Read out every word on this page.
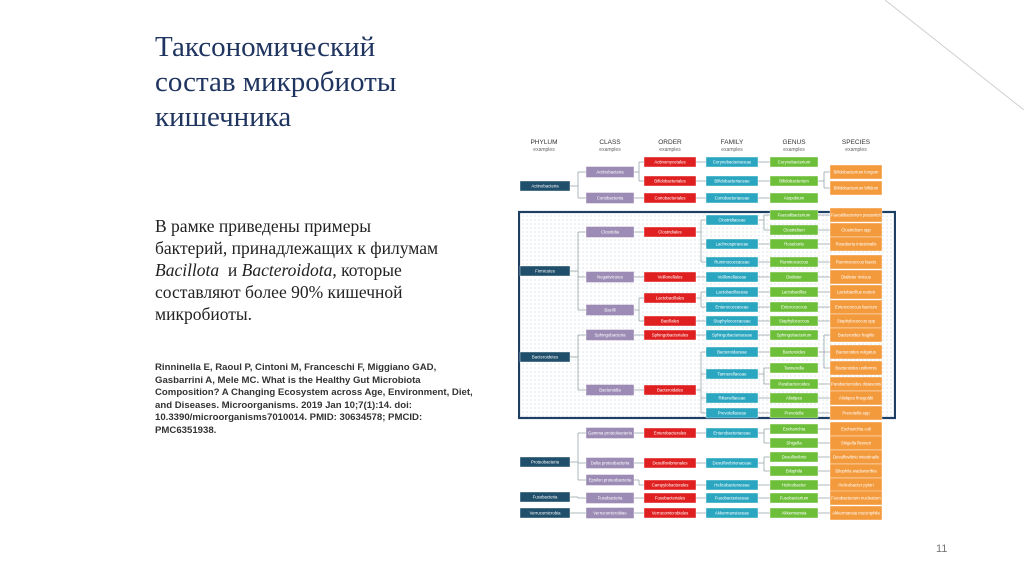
Таксономический
состав микробиоты
кишечника
В рамке приведены примеры
бактерий, принадлежащих к филумам
Bacillota и Bacteroidota, которые
составляют более 90% кишечной
микробиоты.
Rinninella E, Raoul P, Cintoni M, Franceschi F, Miggiano GAD,
Gasbarrini A, Mele MC. What is the Healthy Gut Microbiota
Composition? A Changing Ecosystem across Age, Environment, Diet,
and Diseases. Microorganisms. 2019 Jan 10;7(1):14. doi:
10.3390/microorganisms7010014. PMID: 30634578; PMCID:
PMC6351938.
PHYLUM
examples
CLASS
examples
ORDER
examples
FAMILY
examples
GENUS
examples
SPECIES
examples
Actinobacteria
Firmicutes
Bacteroidetes
Proteobacteria
Fusobacteria
Verrucomicrobia
Actinobacteria
Coriobacteriia
Clostridia
Negativicutes
Bacilli
Sphingobacteria
Bacteroidia
Gamma proteobacteria
Delta proteobacteria
Epsilon proteobacteria
Fusobacteria
Verrucomicrobiae
Actinomycetales
Bifidobacteriales
Coriobacteriales
Clostridiales
Veillonellales
Lactobacillales
Bacillales
Sphingobacteriales
Bacteroidales
Enterobacterales
Desulfovibrionales
Campylobacterales
Fusobacteriales
Verrucomicrobiales
Corynebacteriaceae
Bifidobacteriaceae
Coriobacteriaceae
Clostridiaceae
Lachnospiraceae
Ruminococcaceae
Veillonellaceae
Lactobacillaceae
Enterococcaceae
Staphylococcaceae
Sphingobacteriaceae
Bacteroidaceae
Tannerellaceae
Rikenellaceae
Prevotellaceae
Enterobacteriaceae
Desulfovibrionaceae
Helicobacteraceae
Fusobacteriaceae
Akkermansiaceae
Corynebacterium
Bifidobacterium
Atopobium
Faecalibacterium
Clostridium
Roseburia
Ruminococcus
Dialister
Lactobacillus
Enterococcus
Staphylococcus
Sphingobacterium
Bacteroides
Tannerella
Parabacteroides
Alistipes
Prevotella
Escherichia
Shigella
Desulfovibrio
Bilophila
Helicobacter
Fusobacterium
Akkermansia
Bifidobacterium longum
Bifidobacterium bifidum
Faecalibacterium prausnitzii
Clostridium spp
Roseburia intestinalis
Ruminococcus faecis
Dialister invisus
Lactobacillus reuteri
Enterococcus faecium
Staphylococcus spp
Bacteroides fragilis
Bacteroides vulgatus
Bacteroides uniformis
Parabacteroides distasonis
Alistipes finegoldii
Prevotella spp
Escherichia coli
Shigella flexneri
Desulfovibrio intestinalis
Bilophila wadsworthia
Helicobacter pylori
Fusobacterium nucleatum
Akkermansia muciniphila
11
